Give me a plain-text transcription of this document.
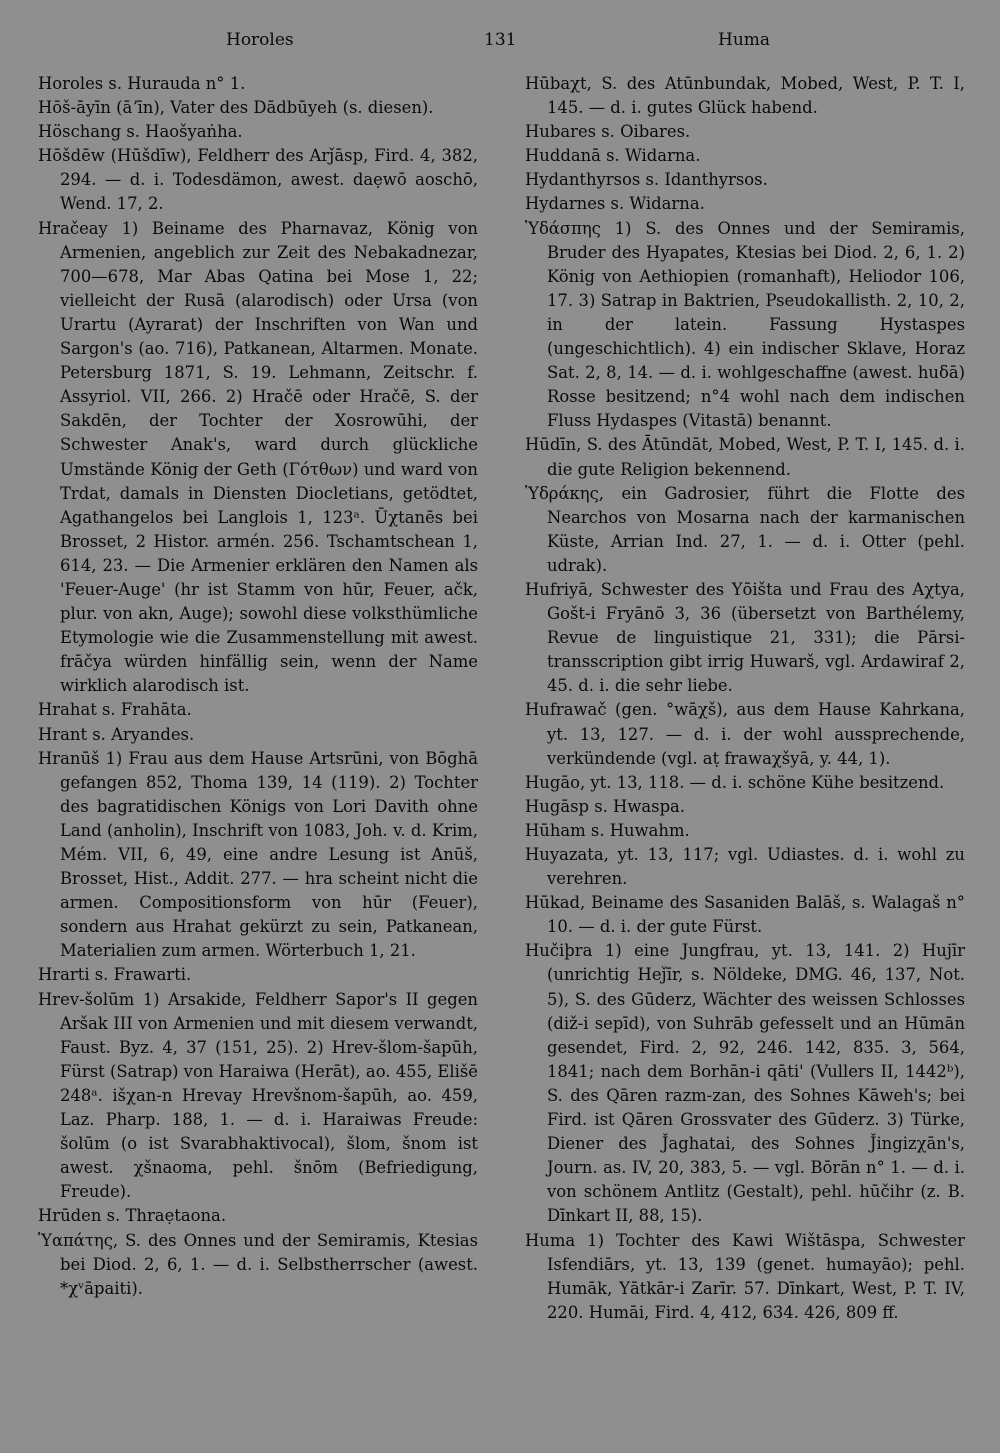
Horoles	131	Huma

Horoles s. Hurauda n° 1.

Hōš-āyīn (āʼīn), Vater des Dādbūyeh (s. diesen).

Höschang s. Haošyaṅha.

Hōšdēw (Hūšdīw), Feldherr des Arǰāsp, Fird. 4, 382, 294. — d. i. Todesdämon, awest. daẹwō aoschō, Wend. 17, 2.

Hračeay 1) Beiname des Pharnavaz, König von Armenien, angeblich zur Zeit des Nebakadnezar, 700—678, Mar Abas Qatina bei Mose 1, 22; vielleicht der Rusā (alarodisch) oder Ursa (von Urartu (Ayrarat) der Inschriften von Wan und Sargon's (ao. 716), Patkanean, Altarmen. Monate. Petersburg 1871, S. 19. Lehmann, Zeitschr. f. Assyriol. VII, 266. 2) Hračē oder Hračē, S. der Sakdēn, der Tochter der Xosrowūhi, der Schwester Anak's, ward durch glückliche Umstände König der Geth (Γότθων) und ward von Trdat, damals in Diensten Diocletians, getödtet, Agathangelos bei Langlois 1, 123ᵃ. Ūχtanēs bei Brosset, 2 Histor. armén. 256. Tschamtschean 1, 614, 23. — Die Armenier erklären den Namen als 'Feuer-Auge' (hr ist Stamm von hūr, Feuer, ačk, plur. von akn, Auge); sowohl diese volksthümliche Etymologie wie die Zusammenstellung mit awest. frāčya würden hinfällig sein, wenn der Name wirklich alarodisch ist.

Hrahat s. Frahāta.

Hrant s. Aryandes.

Hranūš 1) Frau aus dem Hause Artsrūni, von Bōghā gefangen 852, Thoma 139, 14 (119). 2) Tochter des bagratidischen Königs von Lori Davith ohne Land (anholin), Inschrift von 1083, Joh. v. d. Krim, Mém. VII, 6, 49, eine andre Lesung ist Anūš, Brosset, Hist., Addit. 277. — hra scheint nicht die armen. Compositionsform von hūr (Feuer), sondern aus Hrahat gekürzt zu sein, Patkanean, Materialien zum armen. Wörterbuch 1, 21.

Hrarti s. Frawarti.

Hrev-šolūm 1) Arsakide, Feldherr Sapor's II gegen Aršak III von Armenien und mit diesem verwandt, Faust. Byz. 4, 37 (151, 25). 2) Hrev-šlom-šapūh, Fürst (Satrap) von Haraiwa (Herāt), ao. 455, Elišē 248ᵃ. išχan-n Hrevay Hrevšnom-šapūh, ao. 459, Laz. Pharp. 188, 1. — d. i. Haraiwas Freude: šolūm (o ist Svarabhaktivocal), šlom, šnom ist awest. χšnaoma, pehl. šnōm (Befriedigung, Freude).

Hrūden s. Thraẹtaona.

Ὑαπάτης, S. des Onnes und der Semiramis, Ktesias bei Diod. 2, 6, 1. — d. i. Selbstherrscher (awest. *χᵛāpaiti).

Hūbaχt, S. des Atūnbundak, Mobed, West, P. T. I, 145. — d. i. gutes Glück habend.

Hubares s. Oibares.

Huddanā s. Widarna.

Hydanthyrsos s. Idanthyrsos.

Hydarnes s. Widarna.

Ὑδάσπης 1) S. des Onnes und der Semiramis, Bruder des Hyapates, Ktesias bei Diod. 2, 6, 1. 2) König von Aethiopien (romanhaft), Heliodor 106, 17. 3) Satrap in Baktrien, Pseudokallisth. 2, 10, 2, in der latein. Fassung Hystaspes (ungeschichtlich). 4) ein indischer Sklave, Horaz Sat. 2, 8, 14. — d. i. wohlgeschaffne (awest. huδā) Rosse besitzend; n°4 wohl nach dem indischen Fluss Hydaspes (Vitastā) benannt.

Hūdīn, S. des Ātūndāt, Mobed, West, P. T. I, 145. d. i. die gute Religion bekennend.

Ὑδράκης, ein Gadrosier, führt die Flotte des Nearchos von Mosarna nach der karmanischen Küste, Arrian Ind. 27, 1. — d. i. Otter (pehl. udrak).

Hufriyā, Schwester des Yōišta und Frau des Aχtya, Gošt-i Fryānō 3, 36 (übersetzt von Barthélemy, Revue de linguistique 21, 331); die Pārsi-transscription gibt irrig Huwarš, vgl. Ardawiraf 2, 45. d. i. die sehr liebe.

Hufrawač (gen. °wāχš), aus dem Hause Kahrkana, yt. 13, 127. — d. i. der wohl aussprechende, verkündende (vgl. aṭ frawaχšyā, y. 44, 1).

Hugāo, yt. 13, 118. — d. i. schöne Kühe besitzend.

Hugāsp s. Hwaspa.

Hūham s. Huwahm.

Huyazata, yt. 13, 117; vgl. Udiastes. d. i. wohl zu verehren.

Hūkad, Beiname des Sasaniden Balāš, s. Walagaš n° 10. — d. i. der gute Fürst.

Hučiþra 1) eine Jungfrau, yt. 13, 141. 2) Hujīr (unrichtig Heǰīr, s. Nöldeke, DMG. 46, 137, Not. 5), S. des Gūderz, Wächter des weissen Schlosses (diž-i sepīd), von Suhrāb gefesselt und an Hūmān gesendet, Fird. 2, 92, 246. 142, 835. 3, 564, 1841; nach dem Borhān-i qāti' (Vullers II, 1442ᵇ), S. des Qāren razm-zan, des Sohnes Kāweh's; bei Fird. ist Qāren Grossvater des Gūderz. 3) Türke, Diener des J̌aghatai, des Sohnes J̌ingizχān's, Journ. as. IV, 20, 383, 5. — vgl. Bōrān n° 1. — d. i. von schönem Antlitz (Gestalt), pehl. hūčihr (z. B. Dīnkart II, 88, 15).

Huma 1) Tochter des Kawi Wištāspa, Schwester Isfendiārs, yt. 13, 139 (genet. humayāo); pehl. Humāk, Yātkār-i Zarīr. 57. Dīnkart, West, P. T. IV, 220. Humāi, Fird. 4, 412, 634. 426, 809 ff.
